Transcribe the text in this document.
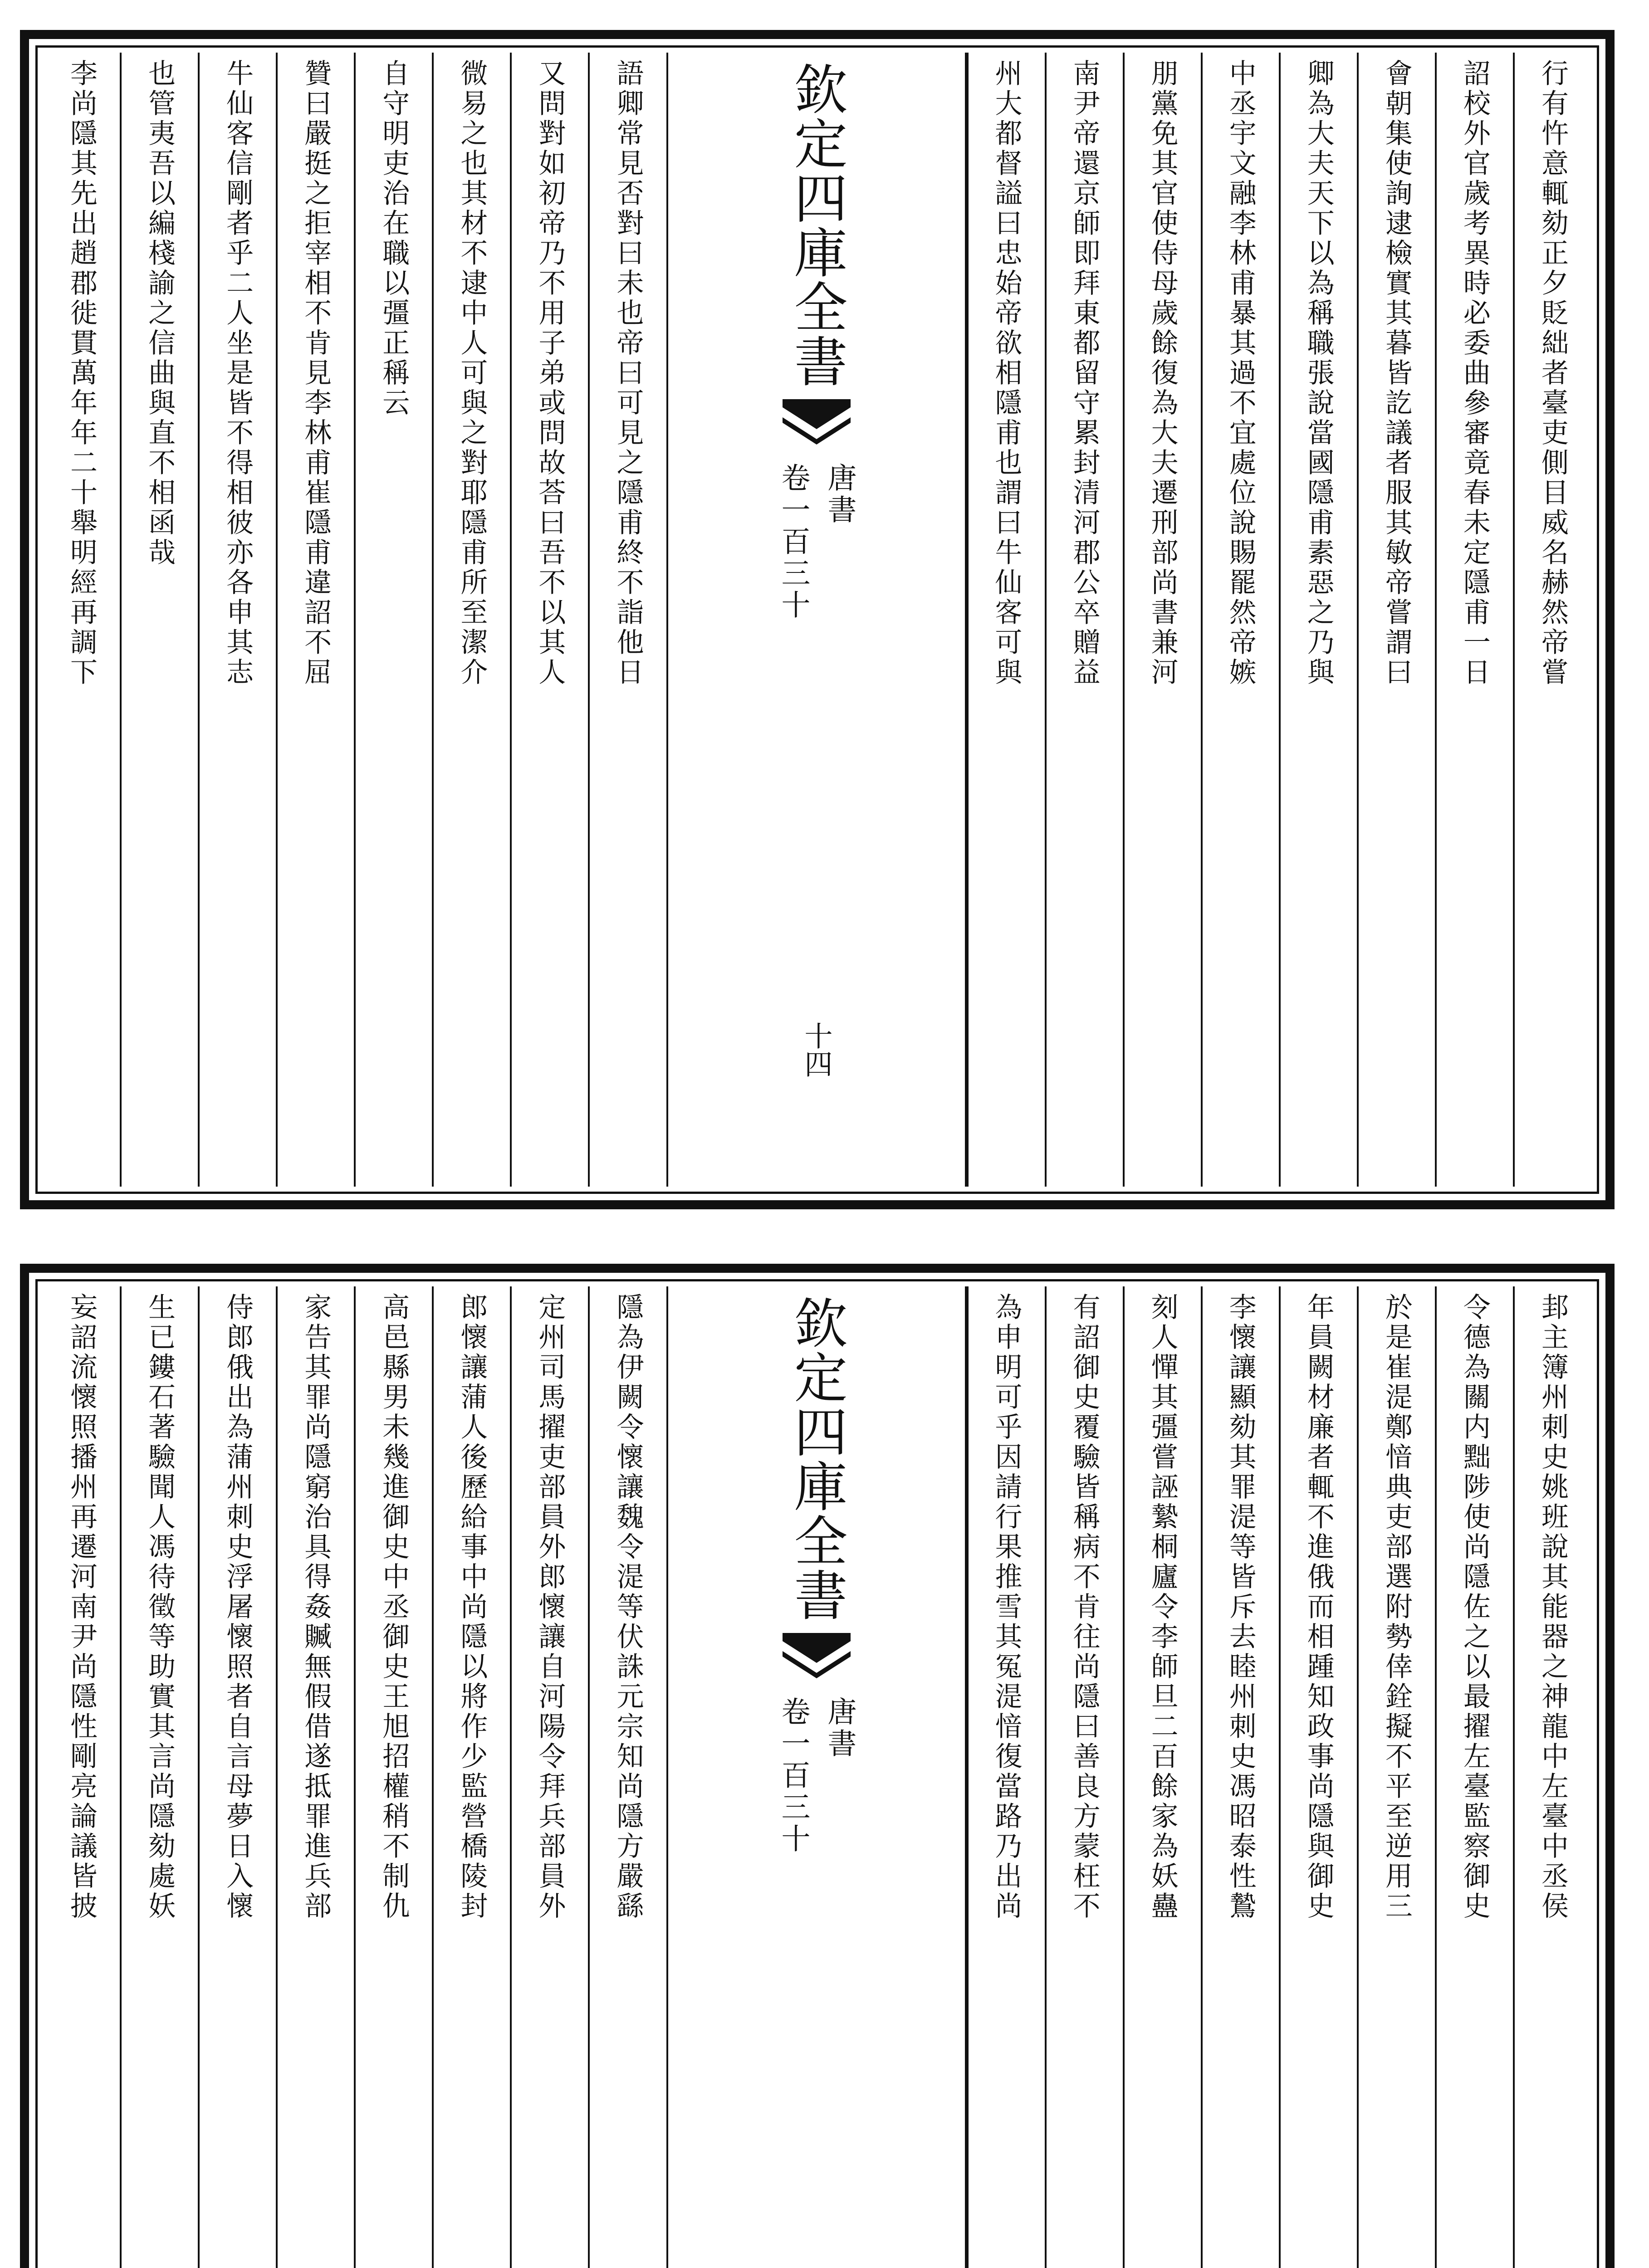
行有忤意輒劾正夕貶絀者臺吏側目威名赫然帝嘗
詔校外官歲考異時必委曲參審竟春未定隱甫一日
會朝集使詢逮檢實其暮皆訖議者服其敏帝嘗謂曰
卿為大夫天下以為稱職張說當國隱甫素惡之乃與
中丞宇文融李林甫暴其過不宜處位說賜罷然帝嫉
朋黨免其官使侍母歲餘復為大夫遷刑部尚書兼河
南尹帝還京師即拜東都留守累封清河郡公卒贈益
州大都督謚曰忠始帝欲相隱甫也謂曰牛仙客可與
欽定四庫全書
唐書
卷一百三十
十四
語卿常見否對曰未也帝曰可見之隱甫終不詣他日
又問對如初帝乃不用子弟或問故荅曰吾不以其人
微易之也其材不逮中人可與之對耶隱甫所至潔介
自守明吏治在職以彊正稱云
贊曰嚴挺之拒宰相不肯見李林甫崔隱甫違詔不屈
牛仙客信剛者乎二人坐是皆不得相彼亦各申其志
也管夷吾以編棧諭之信曲與直不相函哉
李尚隱其先出趙郡徙貫萬年年二十舉明經再調下
邽主簿州刺史姚班說其能器之神龍中左臺中丞侯
令德為關内黜陟使尚隱佐之以最擢左臺監察御史
於是崔湜鄭愔典吏部選附勢倖銓擬不平至逆用三
年員闕材廉者輒不進俄而相踵知政事尚隱與御史
李懷讓顯劾其罪湜等皆斥去睦州刺史馮昭泰性鷙
刻人憚其彊嘗誣縶桐廬令李師旦二百餘家為妖蠱
有詔御史覆驗皆稱病不肯往尚隱曰善良方蒙枉不
為申明可乎因請行果推雪其冤湜愔復當路乃出尚
欽定四庫全書
唐書
卷一百三十
隱為伊闕令懷讓魏令湜等伏誅元宗知尚隱方嚴繇
定州司馬擢吏部員外郎懷讓自河陽令拜兵部員外
郎懷讓蒲人後歷給事中尚隱以將作少監營橋陵封
高邑縣男未幾進御史中丞御史王旭招權稍不制仇
家告其罪尚隱窮治具得姦贓無假借遂抵罪進兵部
侍郎俄出為蒲州刺史浮屠懷照者自言母夢日入懷
生已鏤石著驗聞人馮待徵等助實其言尚隱劾處妖
妄詔流懷照播州再遷河南尹尚隱性剛亮論議皆披
